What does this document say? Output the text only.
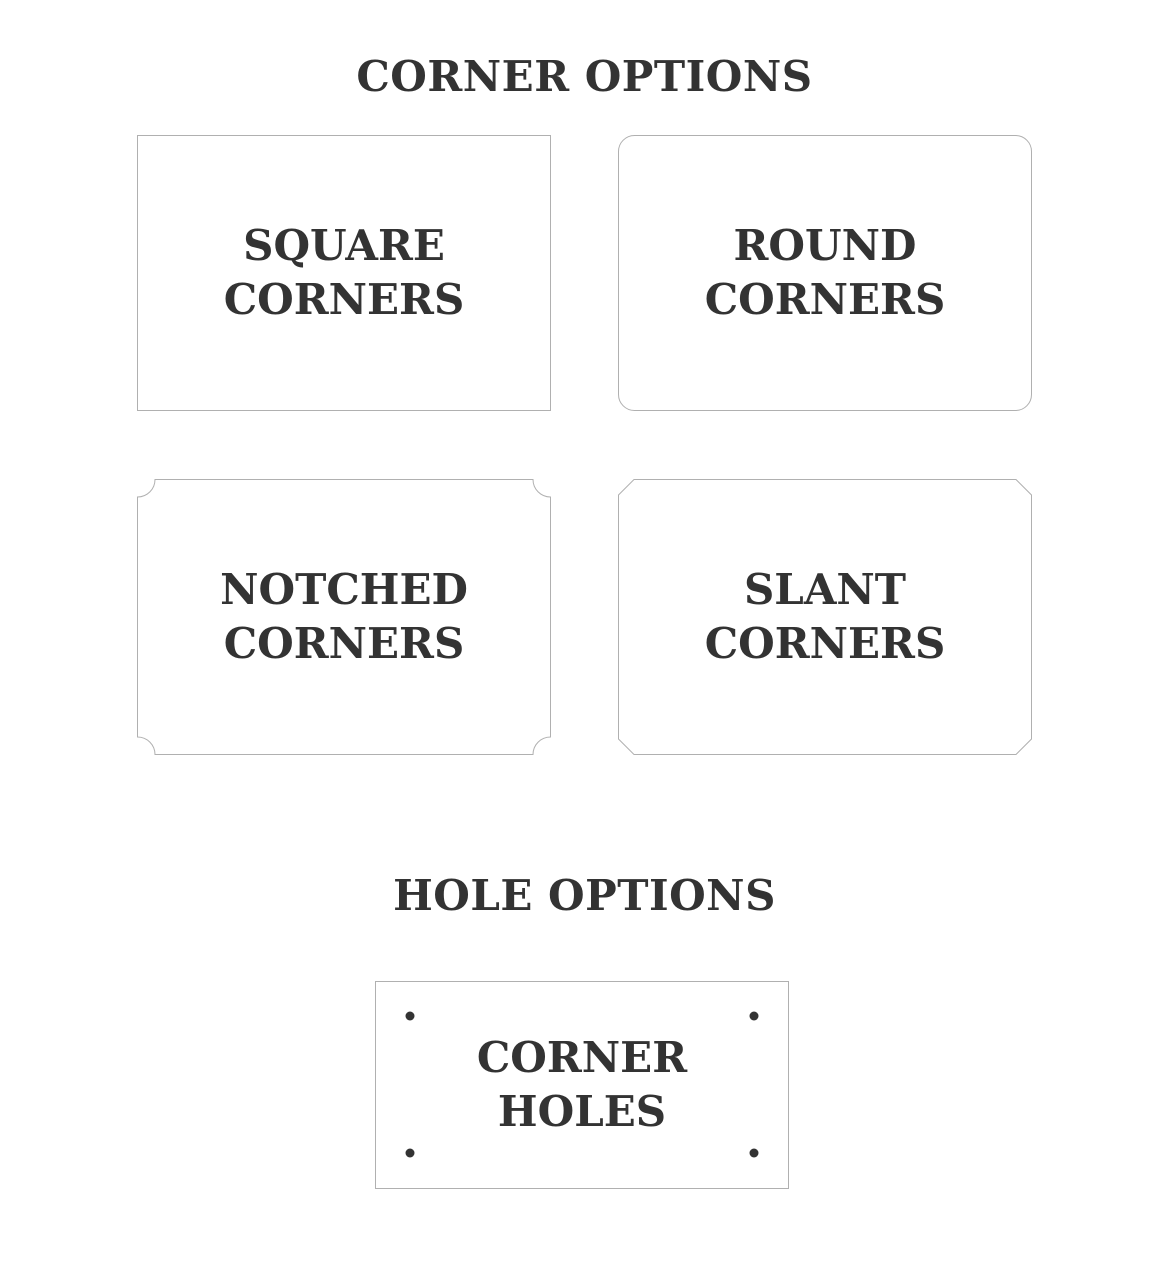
CORNER OPTIONS
SQUARE
CORNERS
ROUND
CORNERS
NOTCHED
CORNERS
SLANT
CORNERS
HOLE OPTIONS
CORNER
HOLES
